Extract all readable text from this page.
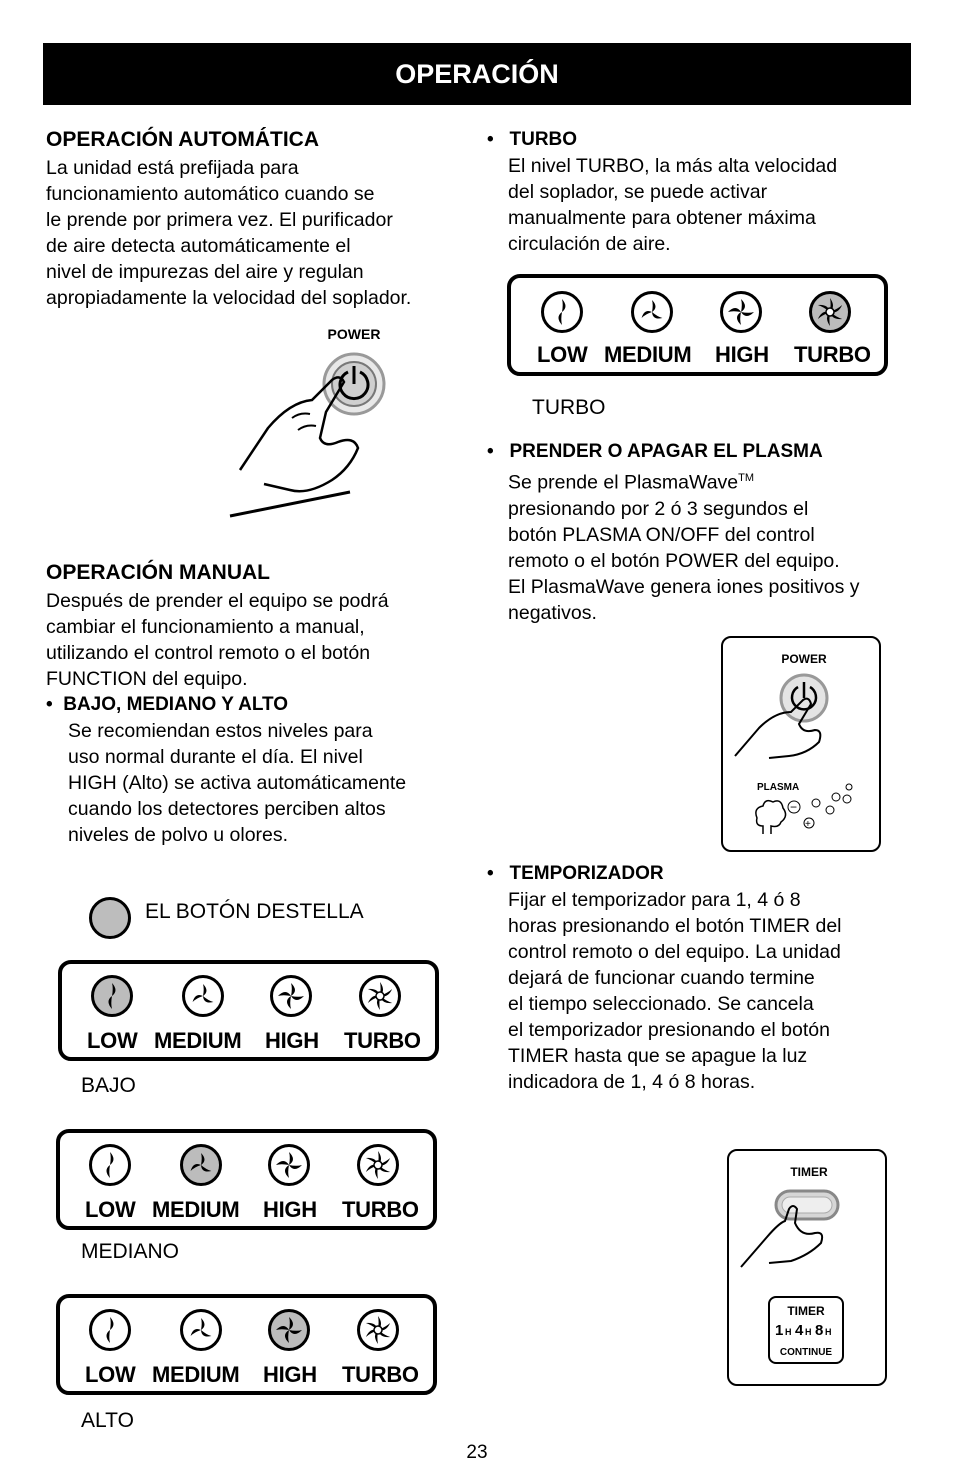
OPERACIÓN
OPERACIÓN AUTOMÁTICA
La unidad está prefijada para
funcionamiento automático cuando se
le prende por primera vez. El purificador
de aire detecta automáticamente el
nivel de impurezas del aire y regulan
apropiadamente la velocidad del soplador.
POWER
OPERACIÓN MANUAL
Después de prender el equipo se podrá
cambiar el funcionamiento a manual,
utilizando el control remoto o el botón
FUNCTION del equipo.
•  BAJO, MEDIANO Y ALTO
Se recomiendan estos niveles para
uso normal durante el día. El nivel
HIGH (Alto) se activa automáticamente
cuando los detectores perciben altos
niveles de polvo u olores.
EL BOTÓN DESTELLA
LOW MEDIUM HIGH TURBO
BAJO
LOW MEDIUM HIGH TURBO
MEDIANO
LOW MEDIUM HIGH TURBO
ALTO
•   TURBO
El nivel TURBO, la más alta velocidad
del soplador, se puede activar
manualmente para obtener máxima
circulación de aire.
LOW MEDIUM HIGH TURBO
TURBO
•   PRENDER O APAGAR EL PLASMA
Se prende el PlasmaWave™
presionando por 2 ó 3 segundos el
botón PLASMA ON/OFF del control
remoto o el botón POWER del equipo.
El PlasmaWave genera iones positivos y
negativos.
POWER
PLASMA
−
+
•   TEMPORIZADOR
Fijar el temporizador para 1, 4 ó 8
horas presionando el botón TIMER del
control remoto o del equipo. La unidad
dejará de funcionar cuando termine
el tiempo seleccionado. Se cancela
el temporizador presionando el botón
TIMER hasta que se apague la luz
indicadora de 1, 4 ó 8 horas.
TIMER
TIMER
1 H 4 H 8 H
CONTINUE
23
